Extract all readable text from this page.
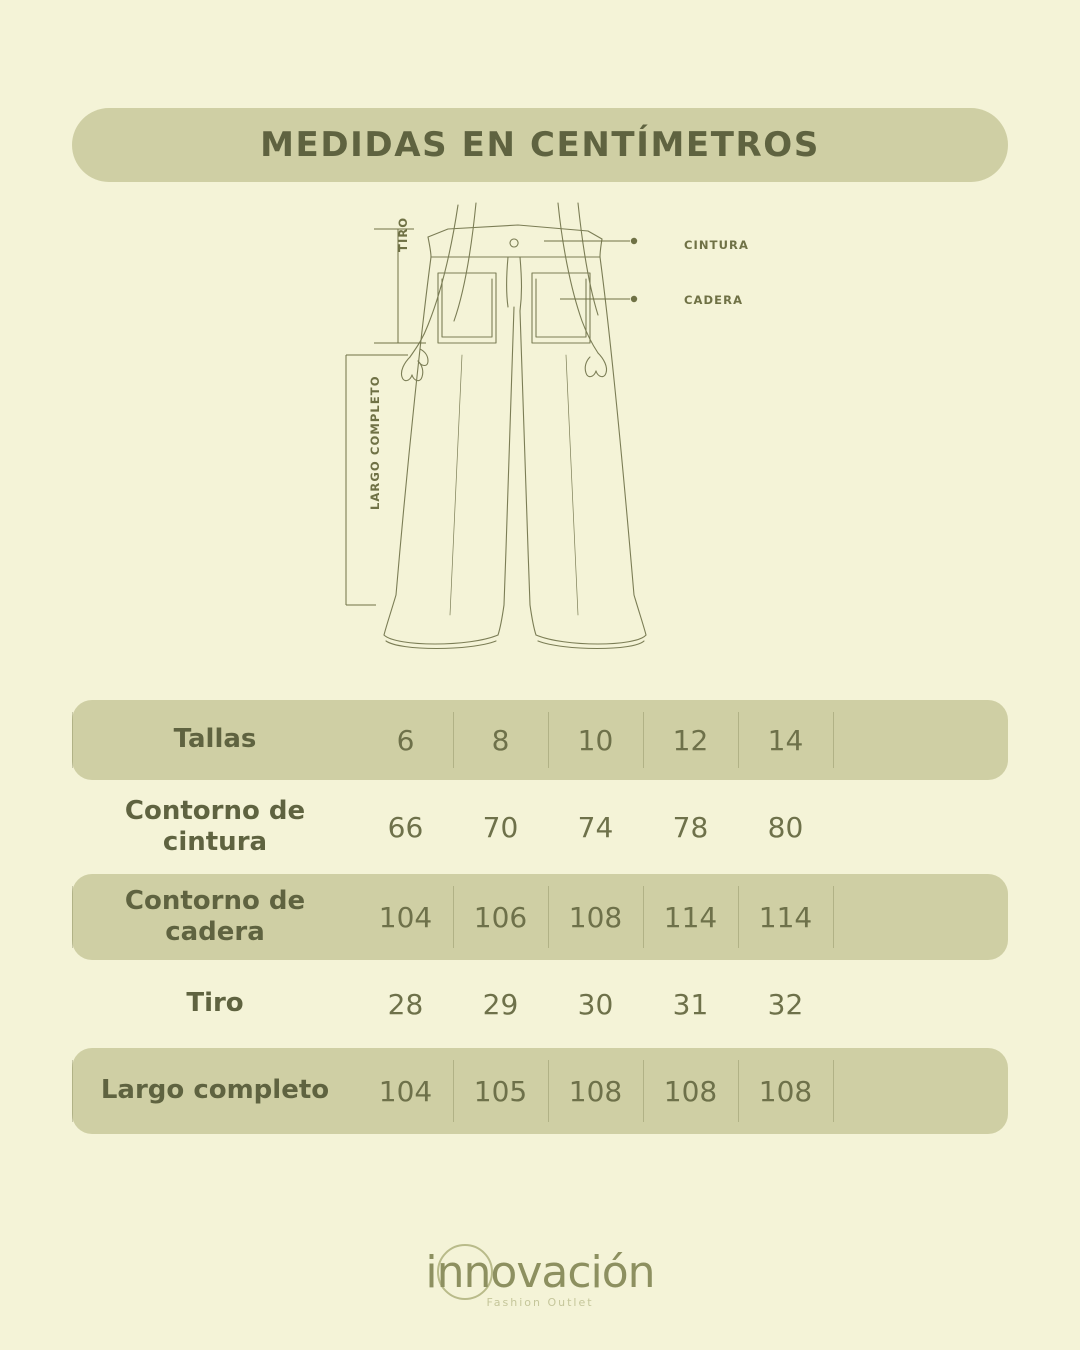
MEDIDAS EN CENTÍMETROS
CINTURA
CADERA
TIRO
LARGO COMPLETO
Tallas	6	8	10	12	14
Contorno de cintura	66	70	74	78	80
Contorno de cadera	104	106	108	114	114
Tiro	28	29	30	31	32
Largo completo	104	105	108	108	108
innovación
Fashion Outlet
